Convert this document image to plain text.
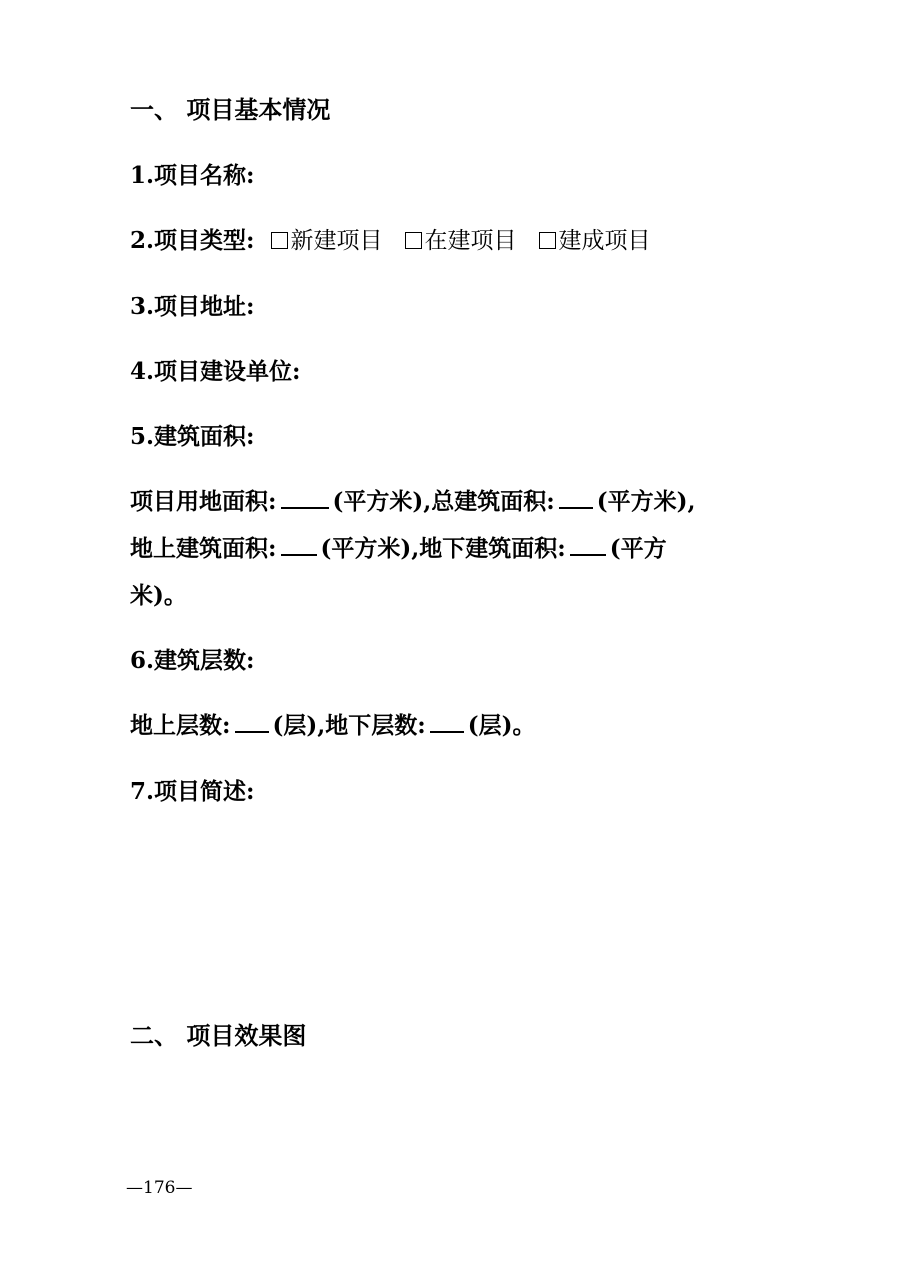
一、 项目基本情况
1.项目名称:
2.项目类型: 新建项目 在建项目 建成项目
3.项目地址:
4.项目建设单位:
5.建筑面积:
项目用地面积: (平方米),总建筑面积: (平方米),
地上建筑面积: (平方米),地下建筑面积: (平方
米)。
6.建筑层数:
地上层数: (层),地下层数: (层)。
7.项目简述:
二、 项目效果图
—176—
